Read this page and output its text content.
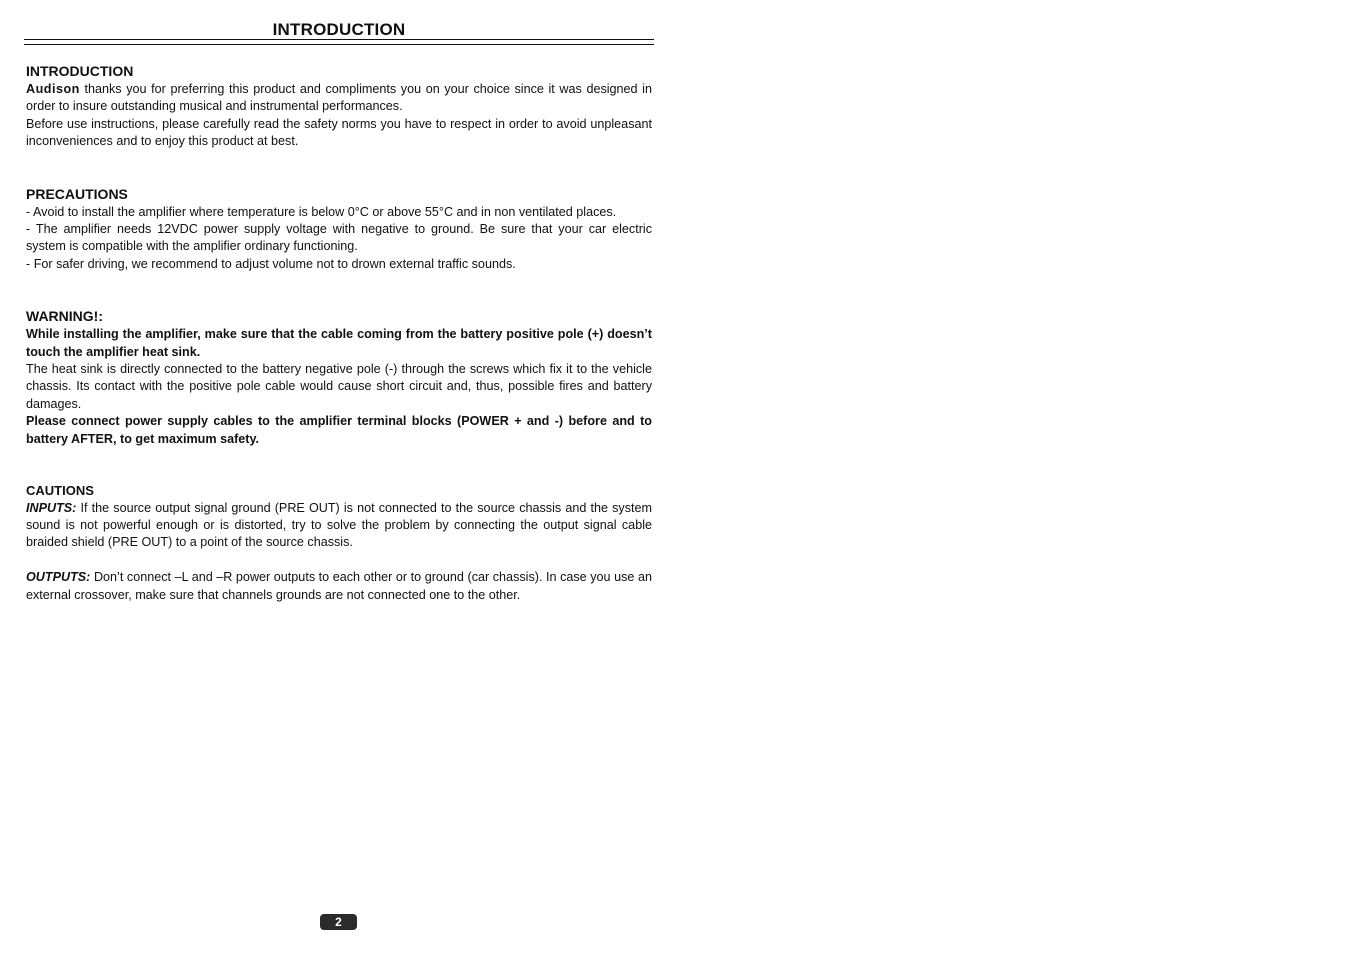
INTRODUCTION
INTRODUCTION

Audison thanks you for preferring this product and compliments you on your choice since it was designed in order to insure outstanding musical and instrumental performances.

Before use instructions, please carefully read the safety norms you have to respect in order to avoid unpleasant inconveniences and to enjoy this product at best.

PRECAUTIONS

- Avoid to install the amplifier where temperature is below 0°C or above 55°C and in non ventilated places.

- The amplifier needs 12VDC power supply voltage with negative to ground. Be sure that your car electric system is compatible with the amplifier ordinary functioning.

- For safer driving, we recommend to adjust volume not to drown external traffic sounds.

WARNING!:

While installing the amplifier, make sure that the cable coming from the battery positive pole (+) doesn’t touch the amplifier heat sink.

The heat sink is directly connected to the battery negative pole (-) through the screws which fix it to the vehicle chassis. Its contact with the positive pole cable would cause short circuit and, thus, possible fires and battery damages.

Please connect power supply cables to the amplifier terminal blocks (POWER + and -) before and to battery AFTER, to get maximum safety.

CAUTIONS

INPUTS: If the source output signal ground (PRE OUT) is not connected to the source chassis and the system sound is not powerful enough or is distorted, try to solve the problem by connecting the output signal cable braided shield (PRE OUT) to a point of the source chassis.

OUTPUTS: Don’t connect –L and –R power outputs to each other or to ground (car chassis). In case you use an external crossover, make sure that channels grounds are not connected one to the other.

2
